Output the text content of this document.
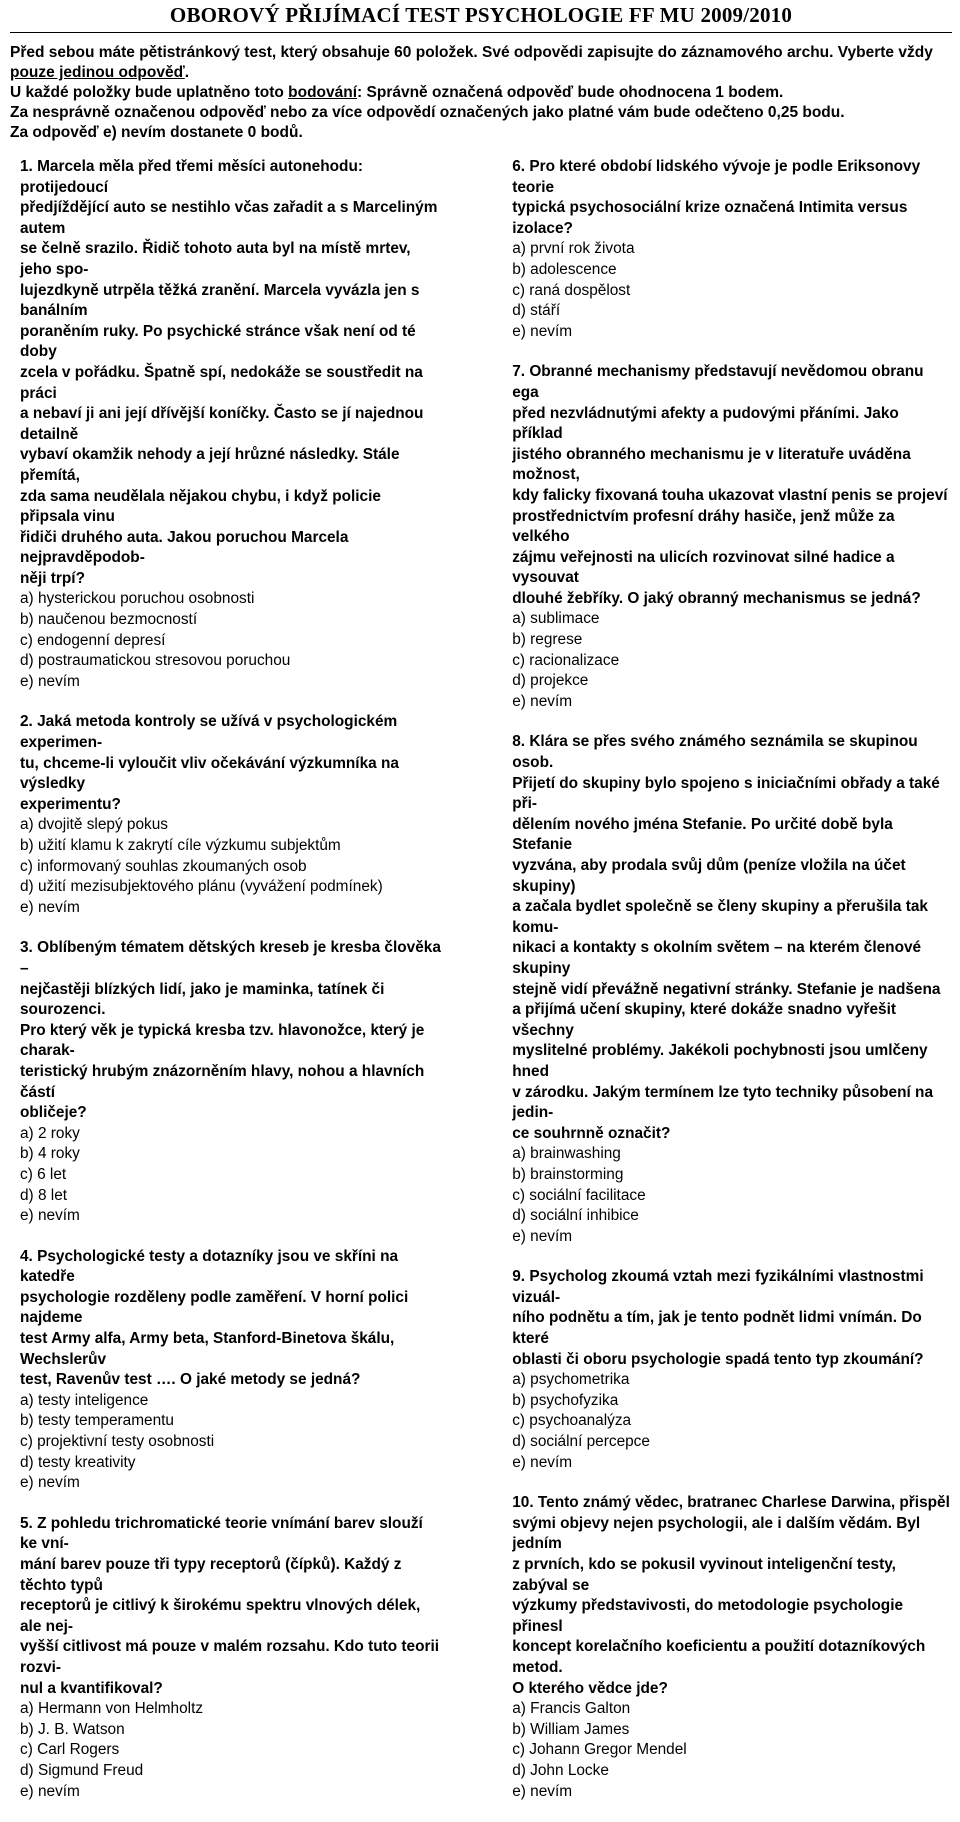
OBOROVÝ PŘIJÍMACÍ TEST PSYCHOLOGIE FF MU 2009/2010

Před sebou máte pětistránkový test, který obsahuje 60 položek. Své odpovědi zapisujte do záznamového archu. Vyberte vždy

pouze jedinou odpověď.

U každé položky bude uplatněno toto bodování: Správně označená odpověď bude ohodnocena 1 bodem.

Za nesprávně označenou odpověď nebo za více odpovědí označených jako platné vám bude odečteno 0,25 bodu.

Za odpověď e) nevím dostanete 0 bodů.

1. Marcela měla před třemi měsíci autonehodu: protijedoucí

předjíždějící auto se nestihlo včas zařadit a s Marcelin‎ým autem

se čelně srazilo. Řidič tohoto auta byl na místě mrtev, jeho spo-

lujezdkyně utrpěla těžká zranění. Marcela vyvázla jen s banálním

poraněním ruky. Po psychické stránce však není od té doby

zcela v pořádku. Špatně spí, nedokáže se soustředit na práci

a nebaví ji ani její dřívější koníčky. Často se jí najednou detailně

vybaví okamžik nehody a její hrůzné následky. Stále přemítá,

zda sama neudělala nějakou chybu, i když policie připsala vinu

řidiči druhého auta. Jakou poruchou Marcela nejpravděpodob-

něji trpí?

a) hysterickou poruchou osobnosti

b) naučenou bezmocností

c) endogenní depresí

d) postraumatickou stresovou poruchou

e) nevím

2. Jaká metoda kontroly se užívá v psychologickém experimen-

tu, chceme-li vyloučit vliv očekávání výzkumníka na výsledky

experimentu?

a) dvojitě slepý pokus

b) užití klamu k zakrytí cíle výzkumu subjektům

c) informovaný souhlas zkoumaných osob

d) užití mezisubjektového plánu (vyvážení podmínek)

e) nevím

3. Oblíbeným tématem dětských kreseb je kresba člověka –

nejčastěji blízkých lidí, jako je maminka, tatínek či sourozenci.

Pro který věk je typická kresba tzv. hlavonožce, který je charak-

teristický hrubým znázorněním hlavy, nohou a hlavních částí

obličeje?

a) 2 roky

b) 4 roky

c) 6 let

d) 8 let

e) nevím

4. Psychologické testy a dotazníky jsou ve skříni na katedře

psychologie rozděleny podle zaměření. V horní polici najdeme

test Army alfa, Army beta, Stanford-Binetova škálu, Wechslerův

test, Ravenův test …. O jaké metody se jedná?

a) testy inteligence

b) testy temperamentu

c) projektivní testy osobnosti

d) testy kreativity

e) nevím

5. Z pohledu trichromatické teorie vnímání barev slouží ke vní-

mání barev pouze tři typy receptorů (čípků). Každý z těchto typů

receptorů je citlivý k širokému spektru vlnových délek, ale nej-

vyšší citlivost má pouze v malém rozsahu. Kdo tuto teorii rozvi-

nul a kvantifikoval?

a) Hermann von Helmholtz

b) J. B. Watson

c) Carl Rogers

d) Sigmund Freud

e) nevím

6. Pro které období lidského vývoje je podle Eriksonovy teorie

typická psychosociální krize označená Intimita versus izolace?

a) první rok života

b) adolescence

c) raná dospělost

d) stáří

e) nevím

7. Obranné mechanismy představují nevědomou obranu ega

před nezvládnutými afekty a pudovými přáními. Jako příklad

jistého obranného mechanismu je v literatuře uváděna možnost,

kdy falicky fixovaná touha ukazovat vlastní penis se projeví

prostřednictvím profesní dráhy hasiče, jenž může za velkého

zájmu veřejnosti na ulicích rozvinovat silné hadice a vysouvat

dlouhé žebříky. O jaký obranný mechanismus se jedná?

a) sublimace

b) regrese

c) racionalizace

d) projekce

e) nevím

8. Klára se přes svého známého seznámila se skupinou osob.

Přijetí do skupiny bylo spojeno s iniciačními obřady a také při-

dělením nového jména Stefanie. Po určité době byla Stefanie

vyzvána, aby prodala svůj dům (peníze vložila na účet skupiny)

a začala bydlet společně se členy skupiny a přerušila tak komu-

nikaci a kontakty s okolním světem – na kterém členové skupiny

stejně vidí převážně negativní stránky. Stefanie je nadšena

a přijímá učení skupiny, které dokáže snadno vyřešit všechny

myslitelné problémy. Jakékoli pochybnosti jsou umlčeny hned

v zárodku. Jakým termínem lze tyto techniky působení na jedin-

ce souhrnně označit?

a) brainwashing

b) brainstorming

c) sociální facilitace

d) sociální inhibice

e) nevím

9. Psycholog zkoumá vztah mezi fyzikálními vlastnostmi vizuál-

ního podnětu a tím, jak je tento podnět lidmi vnímán. Do které

oblasti či oboru psychologie spadá tento typ zkoumání?

a) psychometrika

b) psychofyzika

c) psychoanalýza

d) sociální percepce

e) nevím

10. Tento známý vědec, bratranec Charlese Darwina, přispěl

svými objevy nejen psychologii, ale i dalším vědám. Byl jedním

z prvních, kdo se pokusil vyvinout inteligenční testy, zabýval se

výzkumy představivosti, do metodologie psychologie přinesl

koncept korelačního koeficientu a použití dotazníkových metod.

O kterého vědce jde?

a) Francis Galton

b) William James

c) Johann Gregor Mendel

d) John Locke

e) nevím
